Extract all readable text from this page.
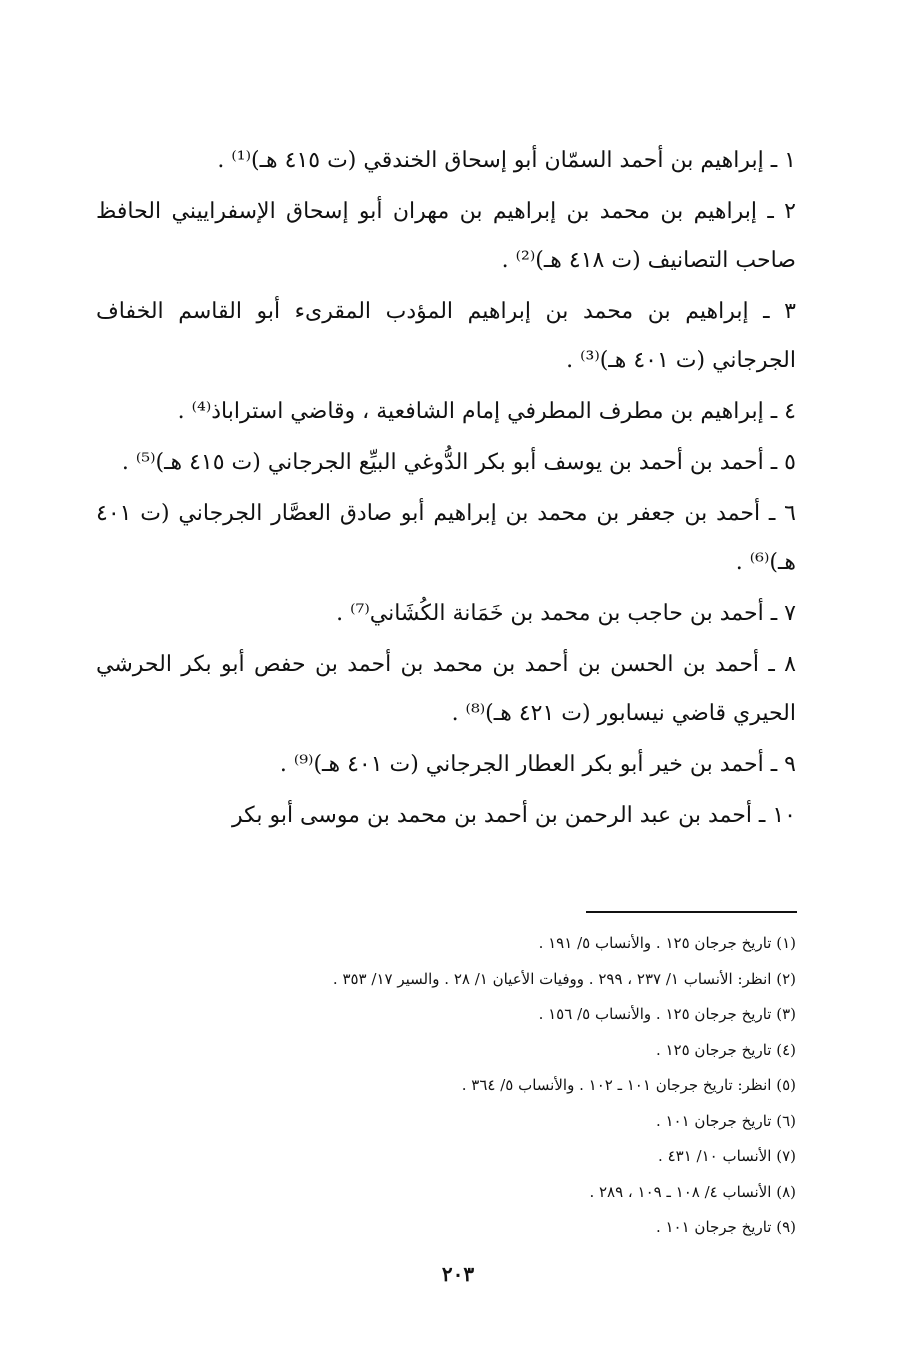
١ ـ إبراهيم بن أحمد السمّان أبو إسحاق الخندقي (ت ٤١٥ هـ)⁽¹⁾ .
٢ ـ إبراهيم بن محمد بن إبراهيم بن مهران أبو إسحاق الإسفراييني الحافظ صاحب التصانيف (ت ٤١٨ هـ)⁽²⁾ .
٣ ـ إبراهيم بن محمد بن إبراهيم المؤدب المقرىء أبو القاسم الخفاف الجرجاني (ت ٤٠١ هـ)⁽³⁾ .
٤ ـ إبراهيم بن مطرف المطرفي إمام الشافعية ، وقاضي استراباذ⁽⁴⁾ .
٥ ـ أحمد بن أحمد بن يوسف أبو بكر الدُّوغي البيِّع الجرجاني (ت ٤١٥ هـ)⁽⁵⁾ .
٦ ـ أحمد بن جعفر بن محمد بن إبراهيم أبو صادق العصَّار الجرجاني (ت ٤٠١ هـ)⁽⁶⁾ .
٧ ـ أحمد بن حاجب بن محمد بن خَمَانة الكُشَاني⁽⁷⁾ .
٨ ـ أحمد بن الحسن بن أحمد بن محمد بن أحمد بن حفص أبو بكر الحرشي الحيري قاضي نيسابور (ت ٤٢١ هـ)⁽⁸⁾ .
٩ ـ أحمد بن خير أبو بكر العطار الجرجاني (ت ٤٠١ هـ)⁽⁹⁾ .
١٠ ـ أحمد بن عبد الرحمن بن أحمد بن محمد بن موسى أبو بكر
(١) تاريخ جرجان ١٢٥ . والأنساب ٥/ ١٩١ .
(٢) انظر: الأنساب ١/ ٢٣٧ ، ٢٩٩ . ووفيات الأعيان ١/ ٢٨ . والسير ١٧/ ٣٥٣ .
(٣) تاريخ جرجان ١٢٥ . والأنساب ٥/ ١٥٦ .
(٤) تاريخ جرجان ١٢٥ .
(٥) انظر: تاريخ جرجان ١٠١ ـ ١٠٢ . والأنساب ٥/ ٣٦٤ .
(٦) تاريخ جرجان ١٠١ .
(٧) الأنساب ١٠/ ٤٣١ .
(٨) الأنساب ٤/ ١٠٨ ـ ١٠٩ ، ٢٨٩ .
(٩) تاريخ جرجان ١٠١ .
٢٠٣
